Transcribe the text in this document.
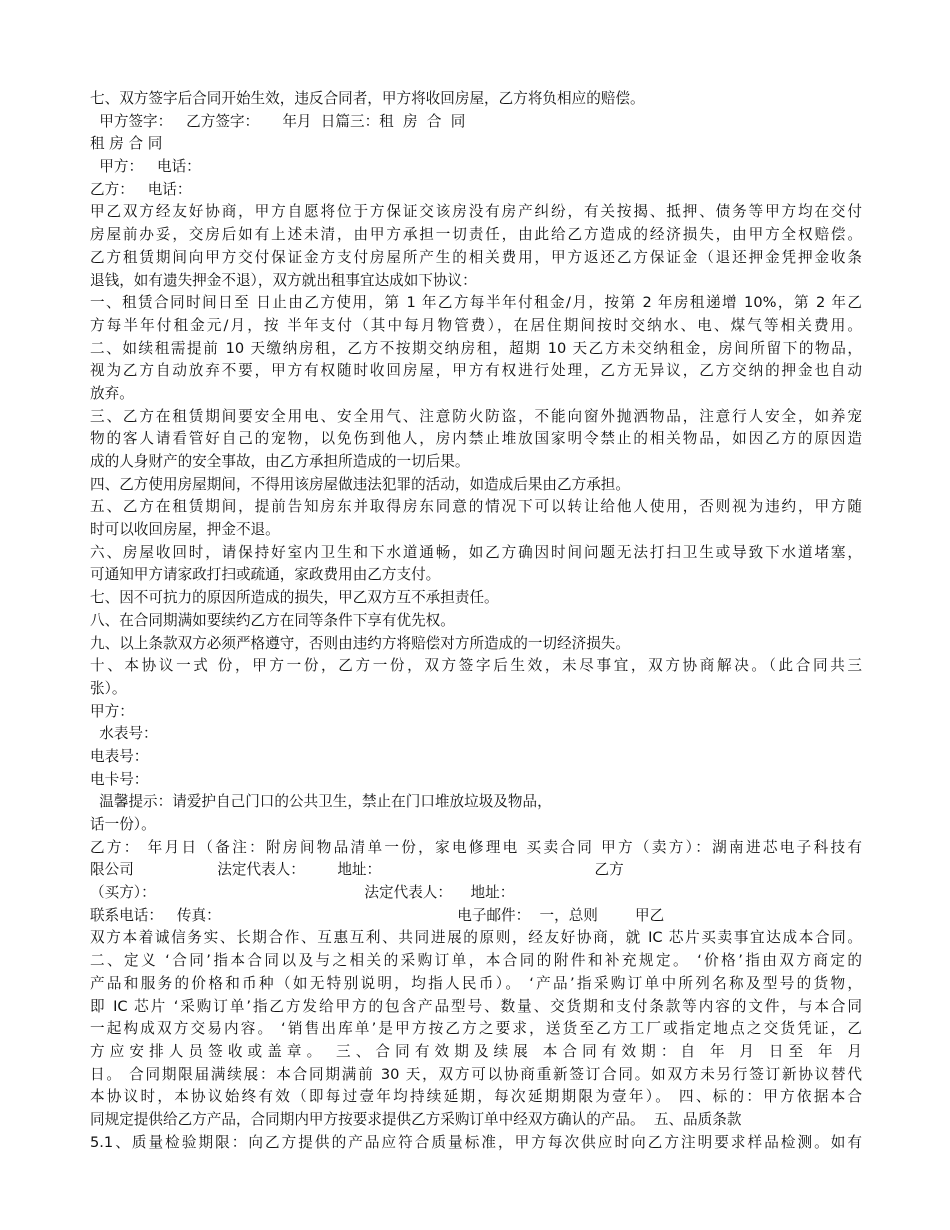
七、双方签字后合同开始生效，违反合同者，甲方将收回房屋，乙方将负相应的赔偿。
甲方签字：   乙方签字：     年月  日篇三：租  房  合  同
租 房 合 同
甲方：   电话：
乙方：   电话：
甲乙双方经友好协商，甲方自愿将位于方保证交该房没有房产纠纷，有关按揭、抵押、债务等甲方均在交付
房屋前办妥，交房后如有上述未清，由甲方承担一切责任，由此给乙方造成的经济损失，由甲方全权赔偿。
乙方租赁期间向甲方交付保证金方支付房屋所产生的相关费用，甲方返还乙方保证金（退还押金凭押金收条
退钱，如有遗失押金不退），双方就出租事宜达成如下协议：
一、租赁合同时间日至 日止由乙方使用，第 1 年乙方每半年付租金/月，按第 2 年房租递增 10%，第 2 年乙
方每半年付租金元/月，按 半年支付（其中每月物管费），在居住期间按时交纳水、电、煤气等相关费用。
二、如续租需提前 10 天缴纳房租，乙方不按期交纳房租，超期 10 天乙方未交纳租金，房间所留下的物品，
视为乙方自动放弃不要，甲方有权随时收回房屋，甲方有权进行处理，乙方无异议，乙方交纳的押金也自动
放弃。
三、乙方在租赁期间要安全用电、安全用气、注意防火防盗，不能向窗外抛洒物品，注意行人安全，如养宠
物的客人请看管好自己的宠物，以免伤到他人，房内禁止堆放国家明令禁止的相关物品，如因乙方的原因造
成的人身财产的安全事故，由乙方承担所造成的一切后果。
四、乙方使用房屋期间，不得用该房屋做违法犯罪的活动，如造成后果由乙方承担。
五、乙方在租赁期间，提前告知房东并取得房东同意的情况下可以转让给他人使用，否则视为违约，甲方随
时可以收回房屋，押金不退。
六、房屋收回时，请保持好室内卫生和下水道通畅，如乙方确因时间问题无法打扫卫生或导致下水道堵塞，
可通知甲方请家政打扫或疏通，家政费用由乙方支付。
七、因不可抗力的原因所造成的损失，甲乙双方互不承担责任。
八、在合同期满如要续约乙方在同等条件下享有优先权。
九、以上条款双方必须严格遵守，否则由违约方将赔偿对方所造成的一切经济损失。
十、本协议一式 份，甲方一份，乙方一份，双方签字后生效，未尽事宜，双方协商解决。（此合同共三
张）。
甲方：
水表号：
电表号：
电卡号：
温馨提示：请爱护自己门口的公共卫生，禁止在门口堆放垃圾及物品，
话一份）。
乙方： 年月日（备注：附房间物品清单一份，家电修理电 买卖合同 甲方（卖方）：湖南进芯电子科技有
限公司                  法定代表人：       地址：                                              乙方
（买方）：                                             法定代表人：    地址：
联系电话：   传真：                                                   电子邮件：  一，总则        甲乙
双方本着诚信务实、长期合作、互惠互利、共同进展的原则，经友好协商，就 IC 芯片买卖事宜达成本合同。
二、定义 ‘合同’指本合同以及与之相关的采购订单，本合同的附件和补充规定。 ‘价格’指由双方商定的
产品和服务的价格和币种（如无特别说明，均指人民币）。 ‘产品’指采购订单中所列名称及型号的货物，
即 IC 芯片 ‘采购订单’指乙方发给甲方的包含产品型号、数量、交货期和支付条款等内容的文件，与本合同
一起构成双方交易内容。 ‘销售出库单’是甲方按乙方之要求，送货至乙方工厂或指定地点之交货凭证，乙
方应安排人员签收或盖章。 三、合同有效期及续展 本合同有效期：自 年 月 日至 年 月
日。 合同期限届满续展：本合同期满前 30 天，双方可以协商重新签订合同。如双方未另行签订新协议替代
本协议时，本协议始终有效（即每过壹年均持续延期，每次延期期限为壹年）。 四、标的：甲方依据本合
同规定提供给乙方产品，合同期内甲方按要求提供乙方采购订单中经双方确认的产品。  五、品质条款
5.1、质量检验期限：向乙方提供的产品应符合质量标准，甲方每次供应时向乙方注明要求样品检测。如有
